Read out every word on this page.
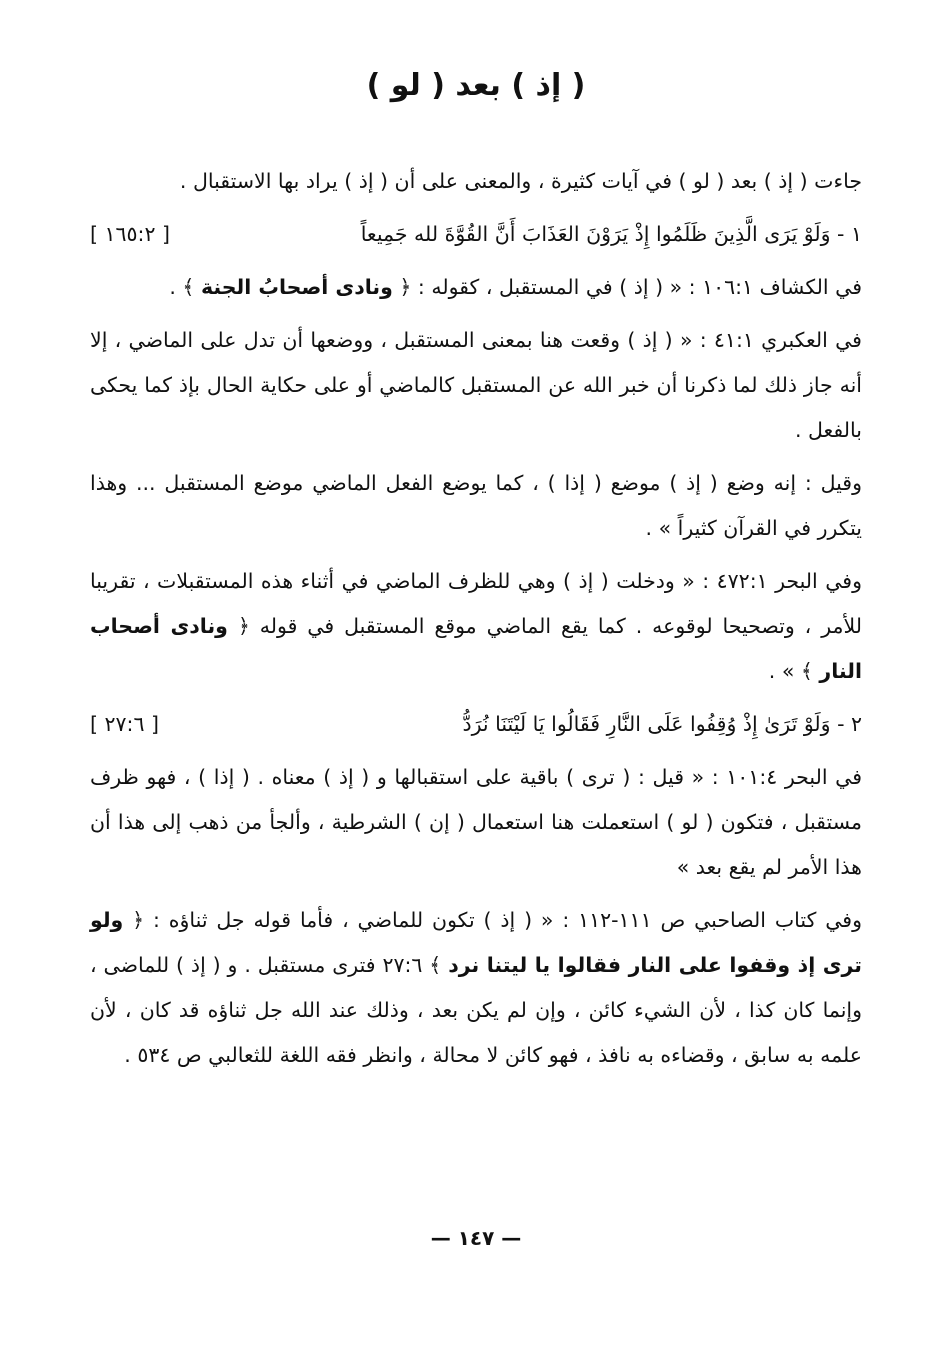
( إذ ) بعد ( لو )

جاءت ( إذ ) بعد ( لو ) في آيات كثيرة ، والمعنى على أن ( إذ ) يراد بها الاستقبال .

١ - وَلَوْ يَرَى الَّذِينَ ظَلَمُوا إِذْ يَرَوْنَ العَذَابَ أَنَّ القُوَّةَ لله جَمِيعاً
[ ١٦٥:٢ ]

في الكشاف ١٠٦:١ : « ( إذ ) في المستقبل ، كقوله : ﴿ ونادى أصحابُ الجنة ﴾ .

في العكبري ٤١:١ : « ( إذ ) وقعت هنا بمعنى المستقبل ، ووضعها أن تدل على الماضي ، إلا أنه جاز ذلك لما ذكرنا أن خبر الله عن المستقبل كالماضي أو على حكاية الحال بإذ كما يحكى بالفعل .

وقيل : إنه وضع ( إذ ) موضع ( إذا ) ، كما يوضع الفعل الماضي موضع المستقبل ... وهذا يتكرر في القرآن كثيراً » .

وفي البحر ٤٧٢:١ : « ودخلت ( إذ ) وهي للظرف الماضي في أثناء هذه المستقبلات ، تقريبا للأمر ، وتصحيحا لوقوعه . كما يقع الماضي موقع المستقبل في قوله ﴿ ونادى أصحاب النار ﴾ » .

٢ - وَلَوْ تَرَىٰ إِذْ وُقِفُوا عَلَى النَّارِ فَقَالُوا يَا لَيْتَنَا نُرَدُّ
[ ٢٧:٦ ]

في البحر ١٠١:٤ : « قيل : ( ترى ) باقية على استقبالها و ( إذ ) معناه . ( إذا ) ، فهو ظرف مستقبل ، فتكون ( لو ) استعملت هنا استعمال ( إن ) الشرطية ، وألجأ من ذهب إلى هذا أن هذا الأمر لم يقع بعد »

وفي كتاب الصاحبي ص ١١١-١١٢ : « ( إذ ) تكون للماضي ، فأما قوله جل ثناؤه : ﴿ ولو ترى إذ وقفوا على النار فقالوا يا ليتنا نرد ﴾ ٢٧:٦ فترى مستقبل . و ( إذ ) للماضى ، وإنما كان كذا ، لأن الشيء كائن ، وإن لم يكن بعد ، وذلك عند الله جل ثناؤه قد كان ، لأن علمه به سابق ، وقضاءه به نافذ ، فهو كائن لا محالة ، وانظر فقه اللغة للثعالبي ص ٥٣٤ .

— ١٤٧ —
